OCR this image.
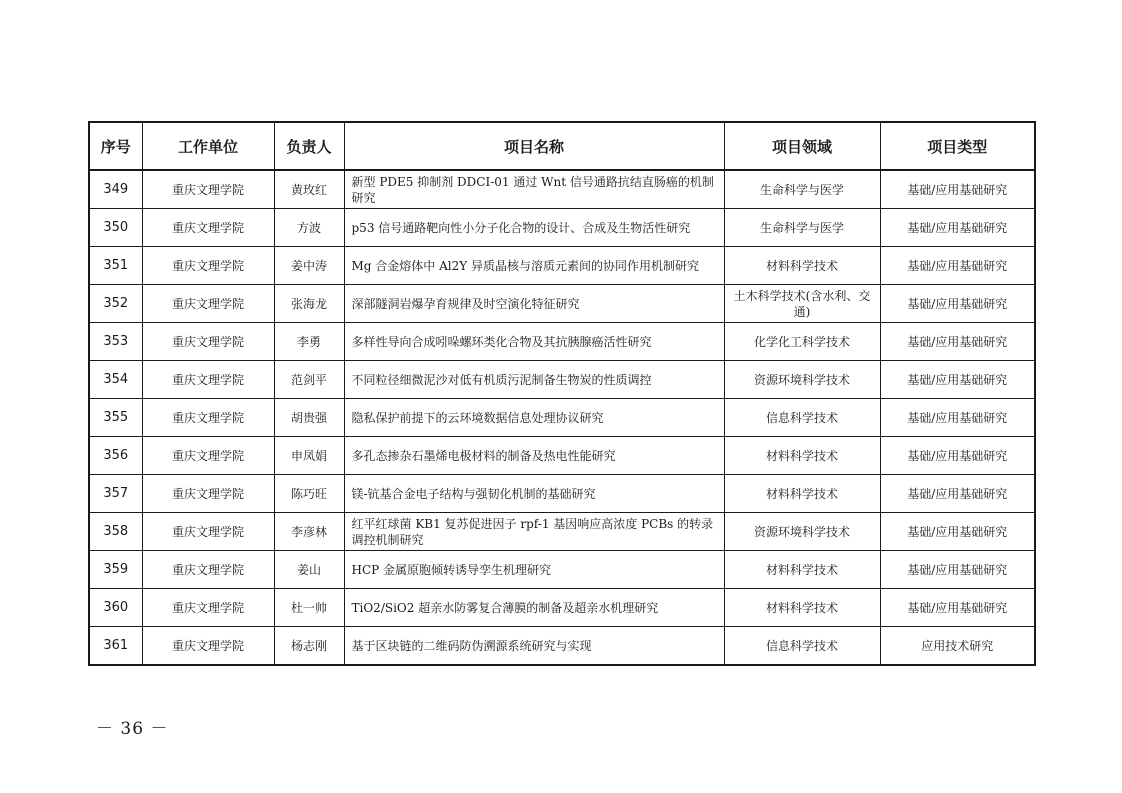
序号	工作单位	负责人	项目名称	项目领域	项目类型
349	重庆文理学院	黄玫红	新型 PDE5 抑制剂 DDCI-01 通过 Wnt 信号通路抗结直肠癌的机制研究	生命科学与医学	基础/应用基础研究
350	重庆文理学院	方波	p53 信号通路靶向性小分子化合物的设计、合成及生物活性研究	生命科学与医学	基础/应用基础研究
351	重庆文理学院	姜中涛	Mg 合金熔体中 Al2Y 异质晶核与溶质元素间的协同作用机制研究	材料科学技术	基础/应用基础研究
352	重庆文理学院	张海龙	深部隧洞岩爆孕育规律及时空演化特征研究	土木科学技术(含水利、交通)	基础/应用基础研究
353	重庆文理学院	李勇	多样性导向合成吲哚螺环类化合物及其抗胰腺癌活性研究	化学化工科学技术	基础/应用基础研究
354	重庆文理学院	范剑平	不同粒径细微泥沙对低有机质污泥制备生物炭的性质调控	资源环境科学技术	基础/应用基础研究
355	重庆文理学院	胡贵强	隐私保护前提下的云环境数据信息处理协议研究	信息科学技术	基础/应用基础研究
356	重庆文理学院	申凤娟	多孔态掺杂石墨烯电极材料的制备及热电性能研究	材料科学技术	基础/应用基础研究
357	重庆文理学院	陈巧旺	镁-钪基合金电子结构与强韧化机制的基础研究	材料科学技术	基础/应用基础研究
358	重庆文理学院	李彦林	红平红球菌 KB1 复苏促进因子 rpf-1 基因响应高浓度 PCBs 的转录调控机制研究	资源环境科学技术	基础/应用基础研究
359	重庆文理学院	姜山	HCP 金属原胞倾转诱导孪生机理研究	材料科学技术	基础/应用基础研究
360	重庆文理学院	杜一帅	TiO2/SiO2 超亲水防雾复合薄膜的制备及超亲水机理研究	材料科学技术	基础/应用基础研究
361	重庆文理学院	杨志刚	基于区块链的二维码防伪溯源系统研究与实现	信息科学技术	应用技术研究
－ 36 －
